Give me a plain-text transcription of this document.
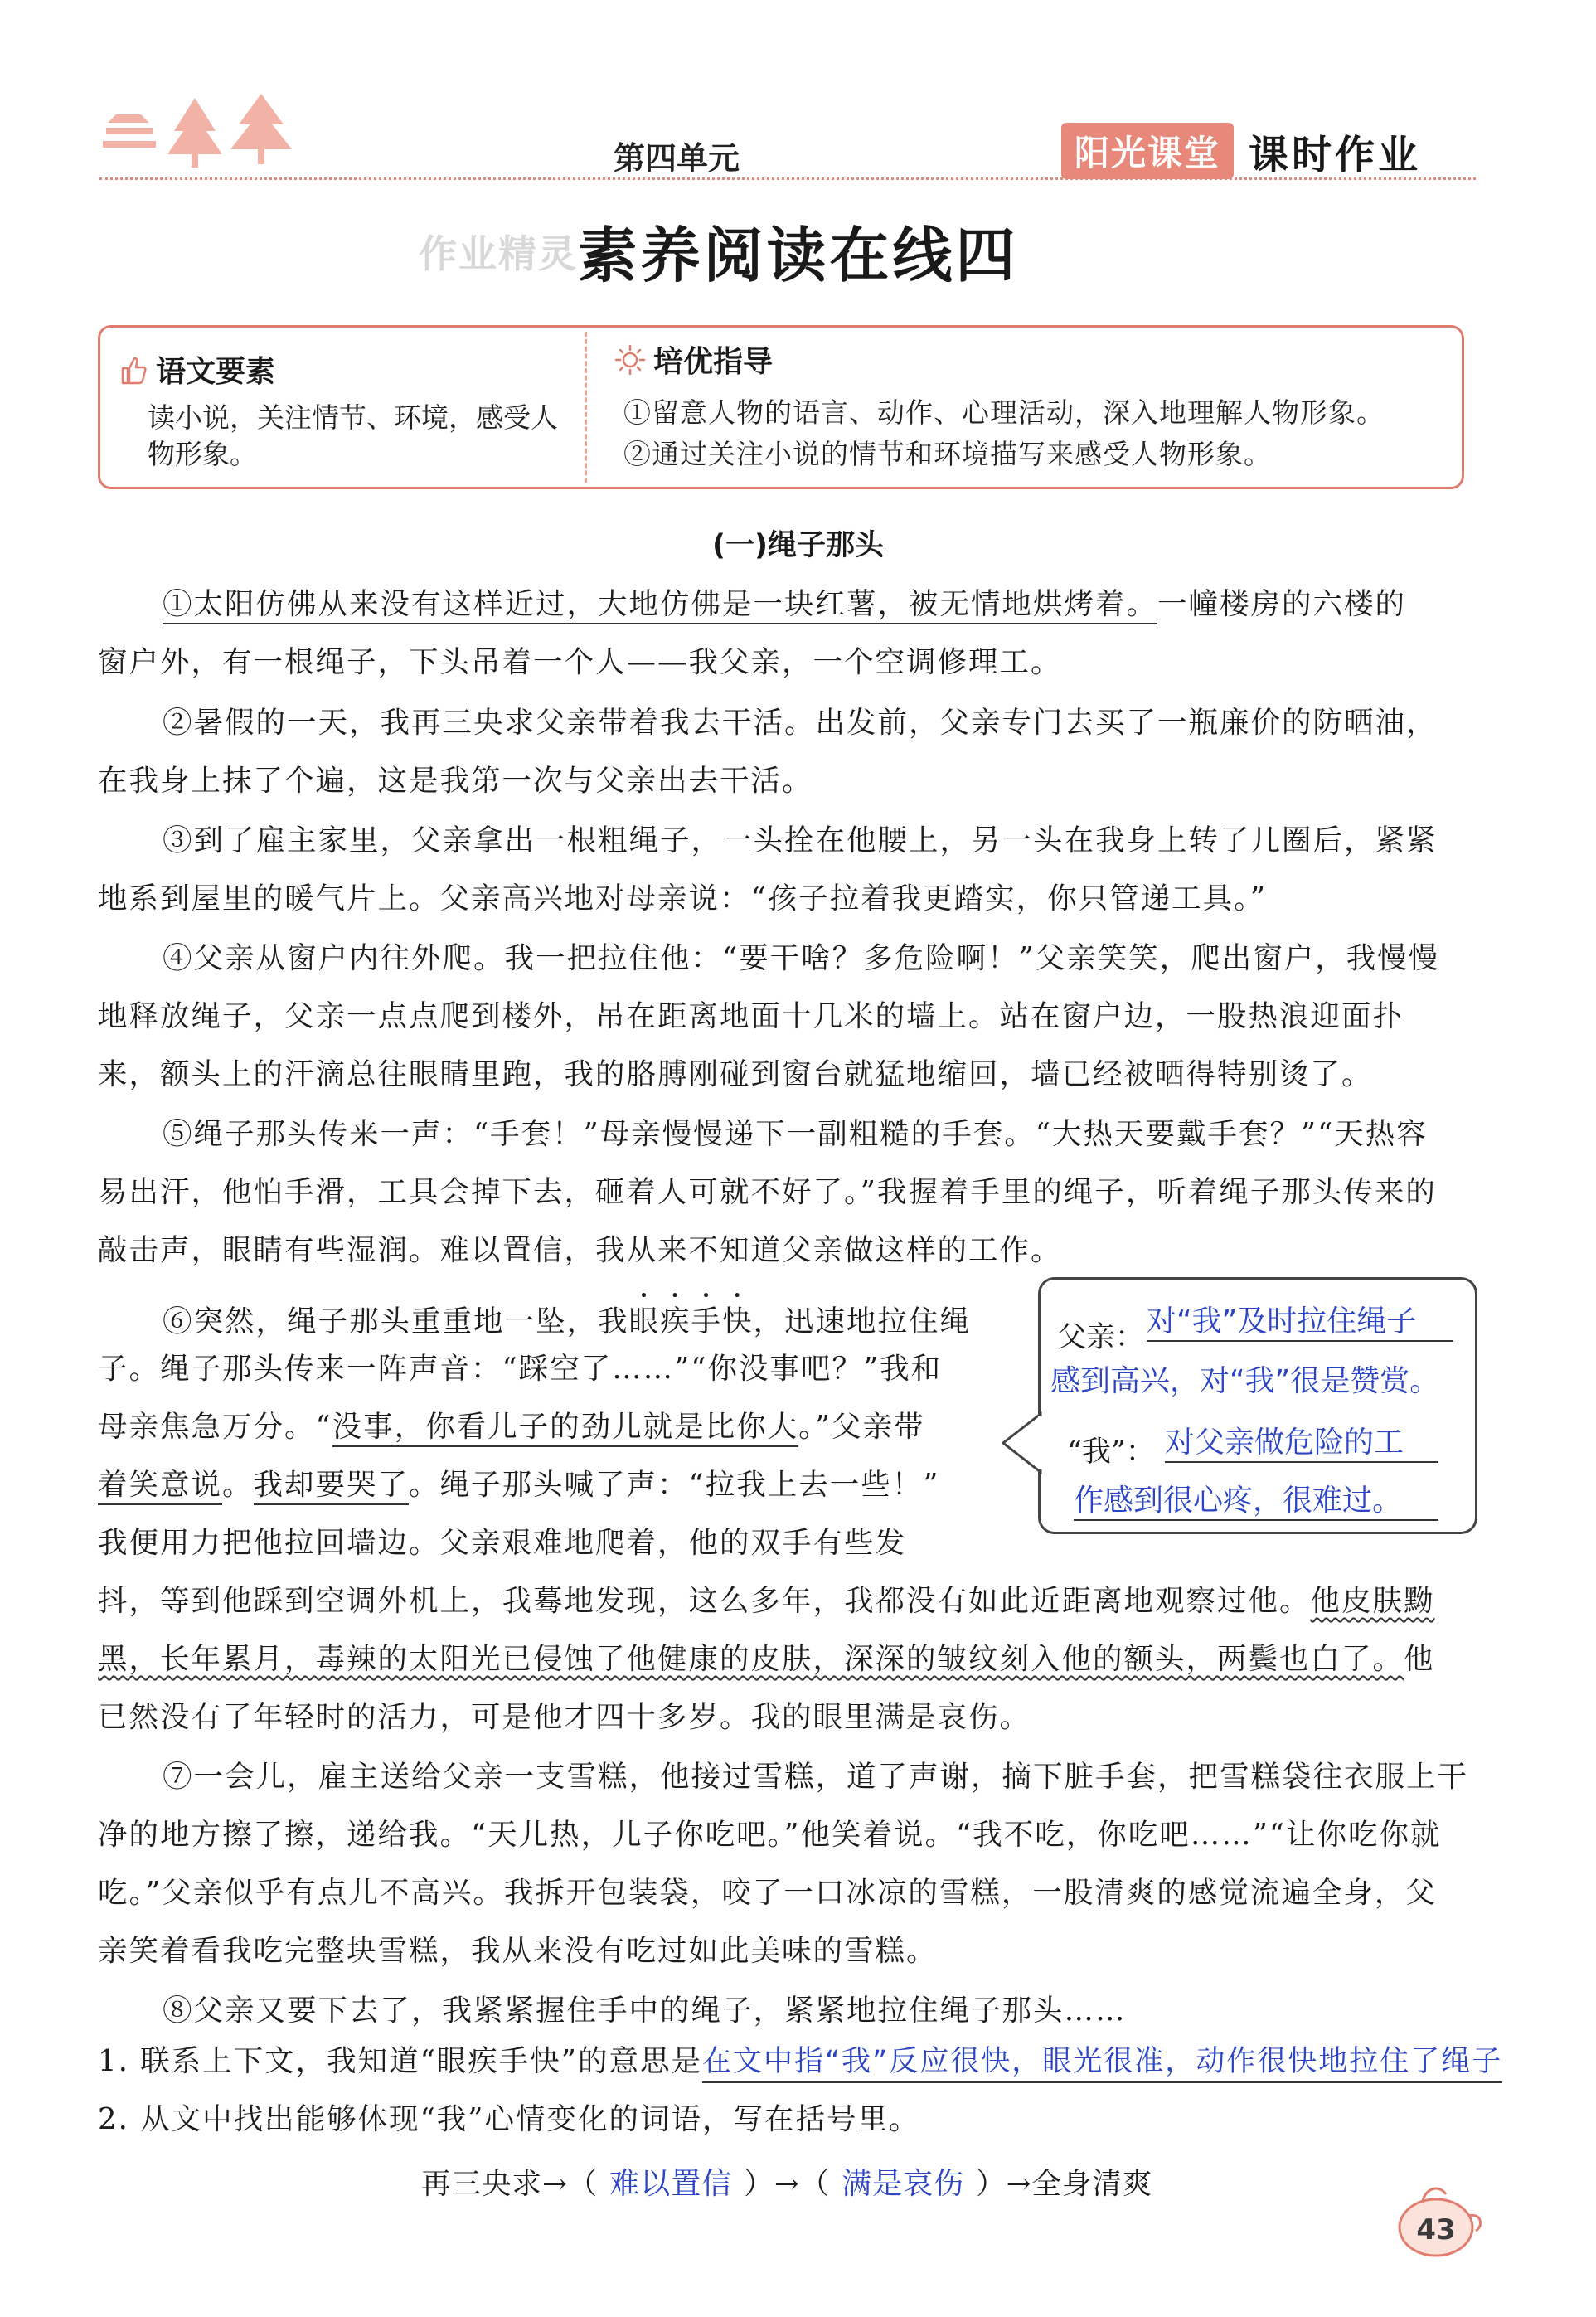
第四单元	阳光课堂 课时作业
作业精灵 素养阅读在线四
语文要素
读小说，关注情节、环境，感受人物形象。
培优指导
①留意人物的语言、动作、心理活动，深入地理解人物形象。
②通过关注小说的情节和环境描写来感受人物形象。
(一)绳子那头
①太阳仿佛从来没有这样近过，大地仿佛是一块红薯，被无情地烘烤着。一幢楼房的六楼的
窗户外，有一根绳子，下头吊着一个人——我父亲，一个空调修理工。
②暑假的一天，我再三央求父亲带着我去干活。出发前，父亲专门去买了一瓶廉价的防晒油，
在我身上抹了个遍，这是我第一次与父亲出去干活。
③到了雇主家里，父亲拿出一根粗绳子，一头拴在他腰上，另一头在我身上转了几圈后，紧紧
地系到屋里的暖气片上。父亲高兴地对母亲说：“孩子拉着我更踏实，你只管递工具。”
④父亲从窗户内往外爬。我一把拉住他：“要干啥？多危险啊！”父亲笑笑，爬出窗户，我慢慢
地释放绳子，父亲一点点爬到楼外，吊在距离地面十几米的墙上。站在窗户边，一股热浪迎面扑
来，额头上的汗滴总往眼睛里跑，我的胳膊刚碰到窗台就猛地缩回，墙已经被晒得特别烫了。
⑤绳子那头传来一声：“手套！”母亲慢慢递下一副粗糙的手套。“大热天要戴手套？”“天热容
易出汗，他怕手滑，工具会掉下去，砸着人可就不好了。”我握着手里的绳子，听着绳子那头传来的
敲击声，眼睛有些湿润。难以置信，我从来不知道父亲做这样的工作。
⑥突然，绳子那头重重地一坠，我眼疾手快，迅速地拉住绳
子。绳子那头传来一阵声音：“踩空了……”“你没事吧？”我和
母亲焦急万分。“没事，你看儿子的劲儿就是比你大。”父亲带
着笑意说。我却要哭了。绳子那头喊了声：“拉我上去一些！”
我便用力把他拉回墙边。父亲艰难地爬着，他的双手有些发
抖，等到他踩到空调外机上，我蓦地发现，这么多年，我都没有如此近距离地观察过他。他皮肤黝
黑，长年累月，毒辣的太阳光已侵蚀了他健康的皮肤，深深的皱纹刻入他的额头，两鬓也白了。他
已然没有了年轻时的活力，可是他才四十多岁。我的眼里满是哀伤。
⑦一会儿，雇主送给父亲一支雪糕，他接过雪糕，道了声谢，摘下脏手套，把雪糕袋往衣服上干
净的地方擦了擦，递给我。“天儿热，儿子你吃吧。”他笑着说。“我不吃，你吃吧……”“让你吃你就
吃。”父亲似乎有点儿不高兴。我拆开包装袋，咬了一口冰凉的雪糕，一股清爽的感觉流遍全身，父
亲笑着看我吃完整块雪糕，我从来没有吃过如此美味的雪糕。
⑧父亲又要下去了，我紧紧握住手中的绳子，紧紧地拉住绳子那头……
父亲： 对“我”及时拉住绳子
感到高兴，对“我”很是赞赏。
“我”： 对父亲做危险的工
作感到很心疼，很难过。
1. 联系上下文，我知道“眼疾手快”的意思是在文中指“我”反应很快，眼光很准，动作很快地拉住了绳子
2. 从文中找出能够体现“我”心情变化的词语，写在括号里。
再三央求→（ 难以置信 ）→（ 满是哀伤 ）→全身清爽
43
